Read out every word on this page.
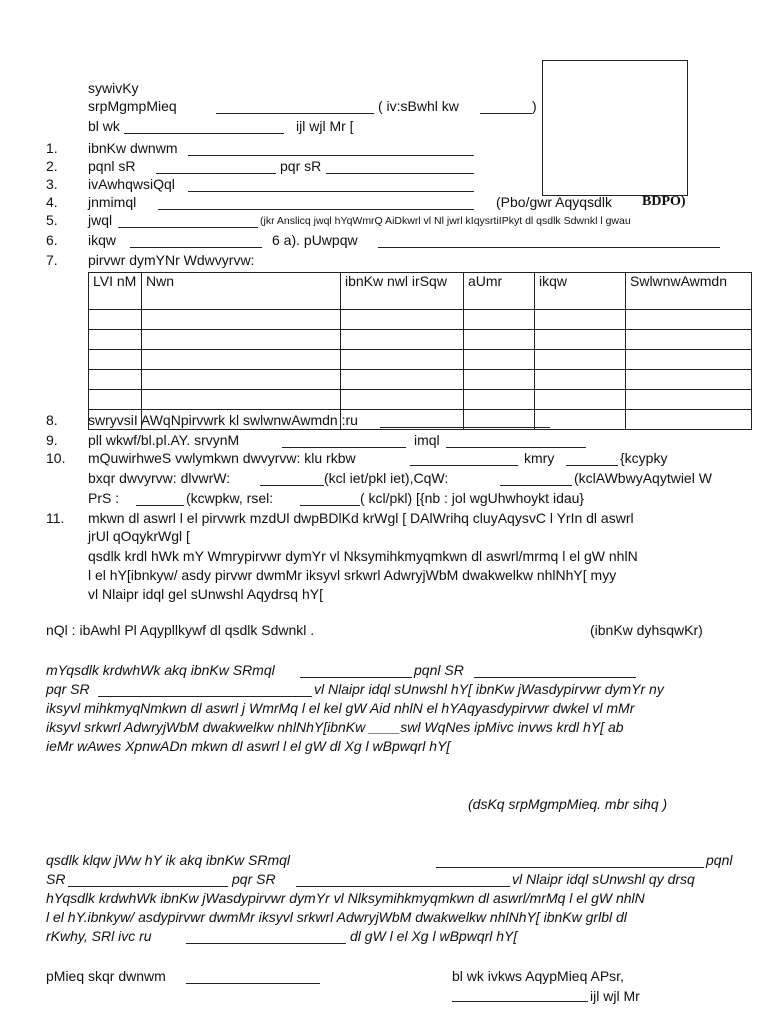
sywivKy
srpMgmpMieq	( iv:sBwhl kw	)
bl wk	ijl wjl Mr [
1. ibnKw dwnwm
2. pqnl sR	pqr sR
3. ivAwhqwsiQql
4. jnmimql	(Pbo/gwr Aqyqsdlk BDPO)
5. jwql	(jkr Anslicq jwql hYqWmrQ AiDkwrl vl Nl jwrl kIqysrtiIPkyt dl qsdlk Sdwnkl l gwau
6. ikqw	6 a). pUwpqw
7. pirvwr dymYNr Wdwvyrvw:
LVI nM	Nwn	ibnKw nwl irSqw	aUmr	ikqw	SwlwnwAwmdn

8. swryvsiI AWqNpirvwrk kl swlwnwAwmdn :ru
9. pll wkwf/bl.pl.AY. srvynM	imql
10. mQuwirhweS vwlymkwn dwvyrvw: klu rkbw	kmry	{kcypky
bxqr dwvyrvw: dlvwrW:	(kcl iet/pkl iet),CqW:	(kclAWbwyAqytwiel W
PrS :	(kcwpkw, rsel:	( kcl/pkl) [{nb : jol wgUhwhoykt idau}
11. mkwn dl aswrl l el pirvwrk mzdUl dwpBDlKd krWgl [ DAlWrihq cluyAqysvC l YrIn dl aswrl
jrUl qOqykrWgl [
qsdlk krdl hWk mY Wmrypirvwr dymYr vl Nksymihkmyqmkwn dl aswrl/mrmq l el gW nhlN
l el hY[ibnkyw/ asdy pirvwr dwmMr iksyvl srkwrl AdwryjWbM dwakwelkw nhlNhY[ myy
vl Nlaipr idql gel sUnwshl Aqydrsq hY[
nQl : ibAwhl Pl Aqypllkywf dl qsdlk Sdwnkl .	(ibnKw dyhsqwKr)
mYqsdlk krdwhWk akq ibnKw SRmql	pqnl SR
pqr SR	vl Nlaipr idql sUnwshl hY[ ibnKw jWasdypirvwr dymYr ny
iksyvl mihkmyqNmkwn dl aswrl j WmrMq l el kel gW Aid nhlN el hYAqyasdypirvwr dwkel vl mMr
iksyvl srkwrl AdwryjWbM dwakwelkw nhlNhY[ibnKw ____swl WqNes ipMivc invws krdl hY[ ab
ieMr wAwes XpnwADn mkwn dl aswrl l el gW dl Xg l wBpwqrl hY[
(dsKq srpMgmpMieq. mbr sihq )
qsdlk klqw jWw hY ik akq ibnKw SRmql	pqnl
SR	pqr SR	vl Nlaipr idql sUnwshl qy drsq
hYqsdlk krdwhWk ibnKw jWasdypirvwr dymYr vl Nlksymihkmyqmkwn dl aswrl/mrMq l el gW nhlN
l el hY.ibnkyw/ asdypirvwr dwmMr iksyvl srkwrl AdwryjWbM dwakwelkw nhlNhY[ ibnKw grlbl dl
rKwhy, SRl ivc ru	dl gW l el Xg l wBpwqrl hY[
pMieq skqr dwnwm	bl wk ivkws AqypMieq APsr,
ijl wjl Mr
